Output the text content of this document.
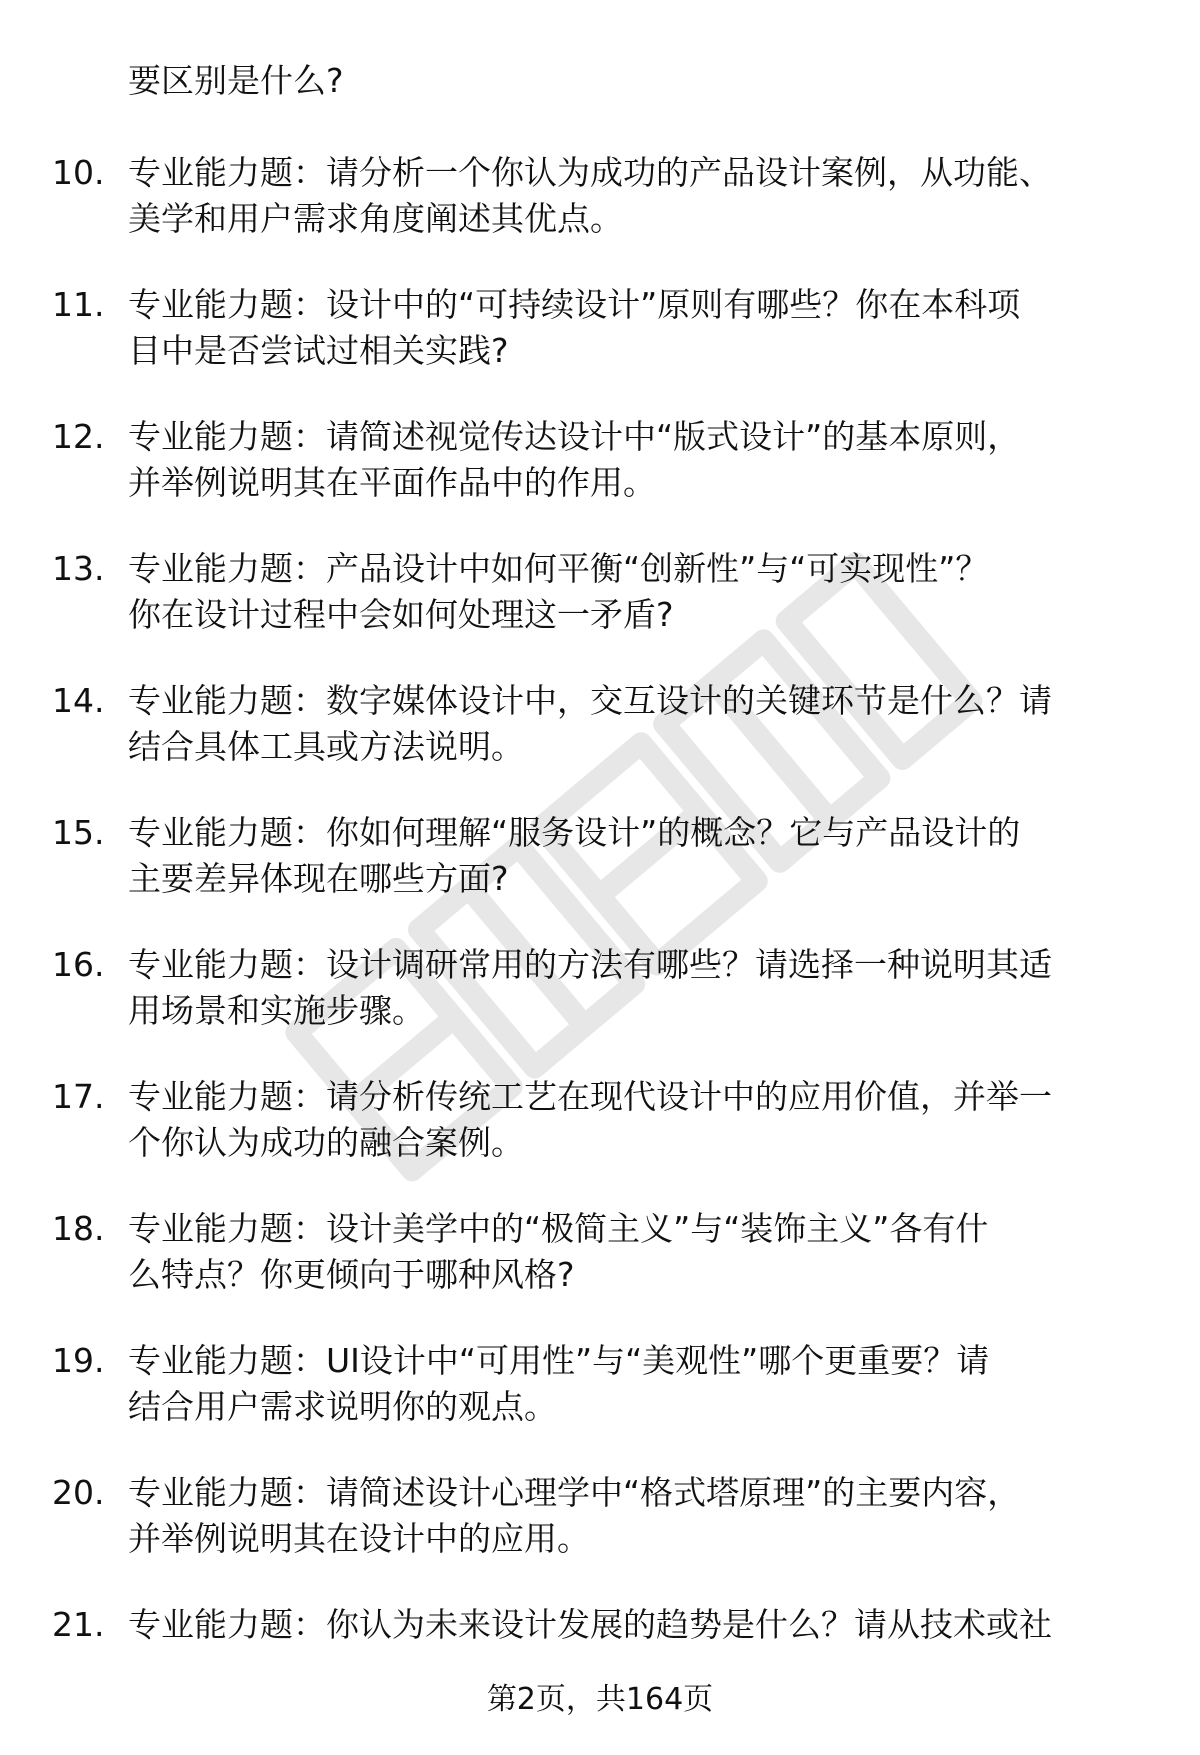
要区别是什么?
10. 专业能力题：请分析一个你认为成功的产品设计案例，从功能、
美学和用户需求角度阐述其优点。
11. 专业能力题：设计中的“可持续设计”原则有哪些？你在本科项
目中是否尝试过相关实践?
12. 专业能力题：请简述视觉传达设计中“版式设计”的基本原则，
并举例说明其在平面作品中的作用。
13. 专业能力题：产品设计中如何平衡“创新性”与“可实现性”？
你在设计过程中会如何处理这一矛盾?
14. 专业能力题：数字媒体设计中，交互设计的关键环节是什么？请
结合具体工具或方法说明。
15. 专业能力题：你如何理解“服务设计”的概念？它与产品设计的
主要差异体现在哪些方面?
16. 专业能力题：设计调研常用的方法有哪些？请选择一种说明其适
用场景和实施步骤。
17. 专业能力题：请分析传统工艺在现代设计中的应用价值，并举一
个你认为成功的融合案例。
18. 专业能力题：设计美学中的“极简主义”与“装饰主义”各有什
么特点？你更倾向于哪种风格?
19. 专业能力题：UI设计中“可用性”与“美观性”哪个更重要？请
结合用户需求说明你的观点。
20. 专业能力题：请简述设计心理学中“格式塔原理”的主要内容，
并举例说明其在设计中的应用。
21. 专业能力题：你认为未来设计发展的趋势是什么？请从技术或社
第2页，共164页
